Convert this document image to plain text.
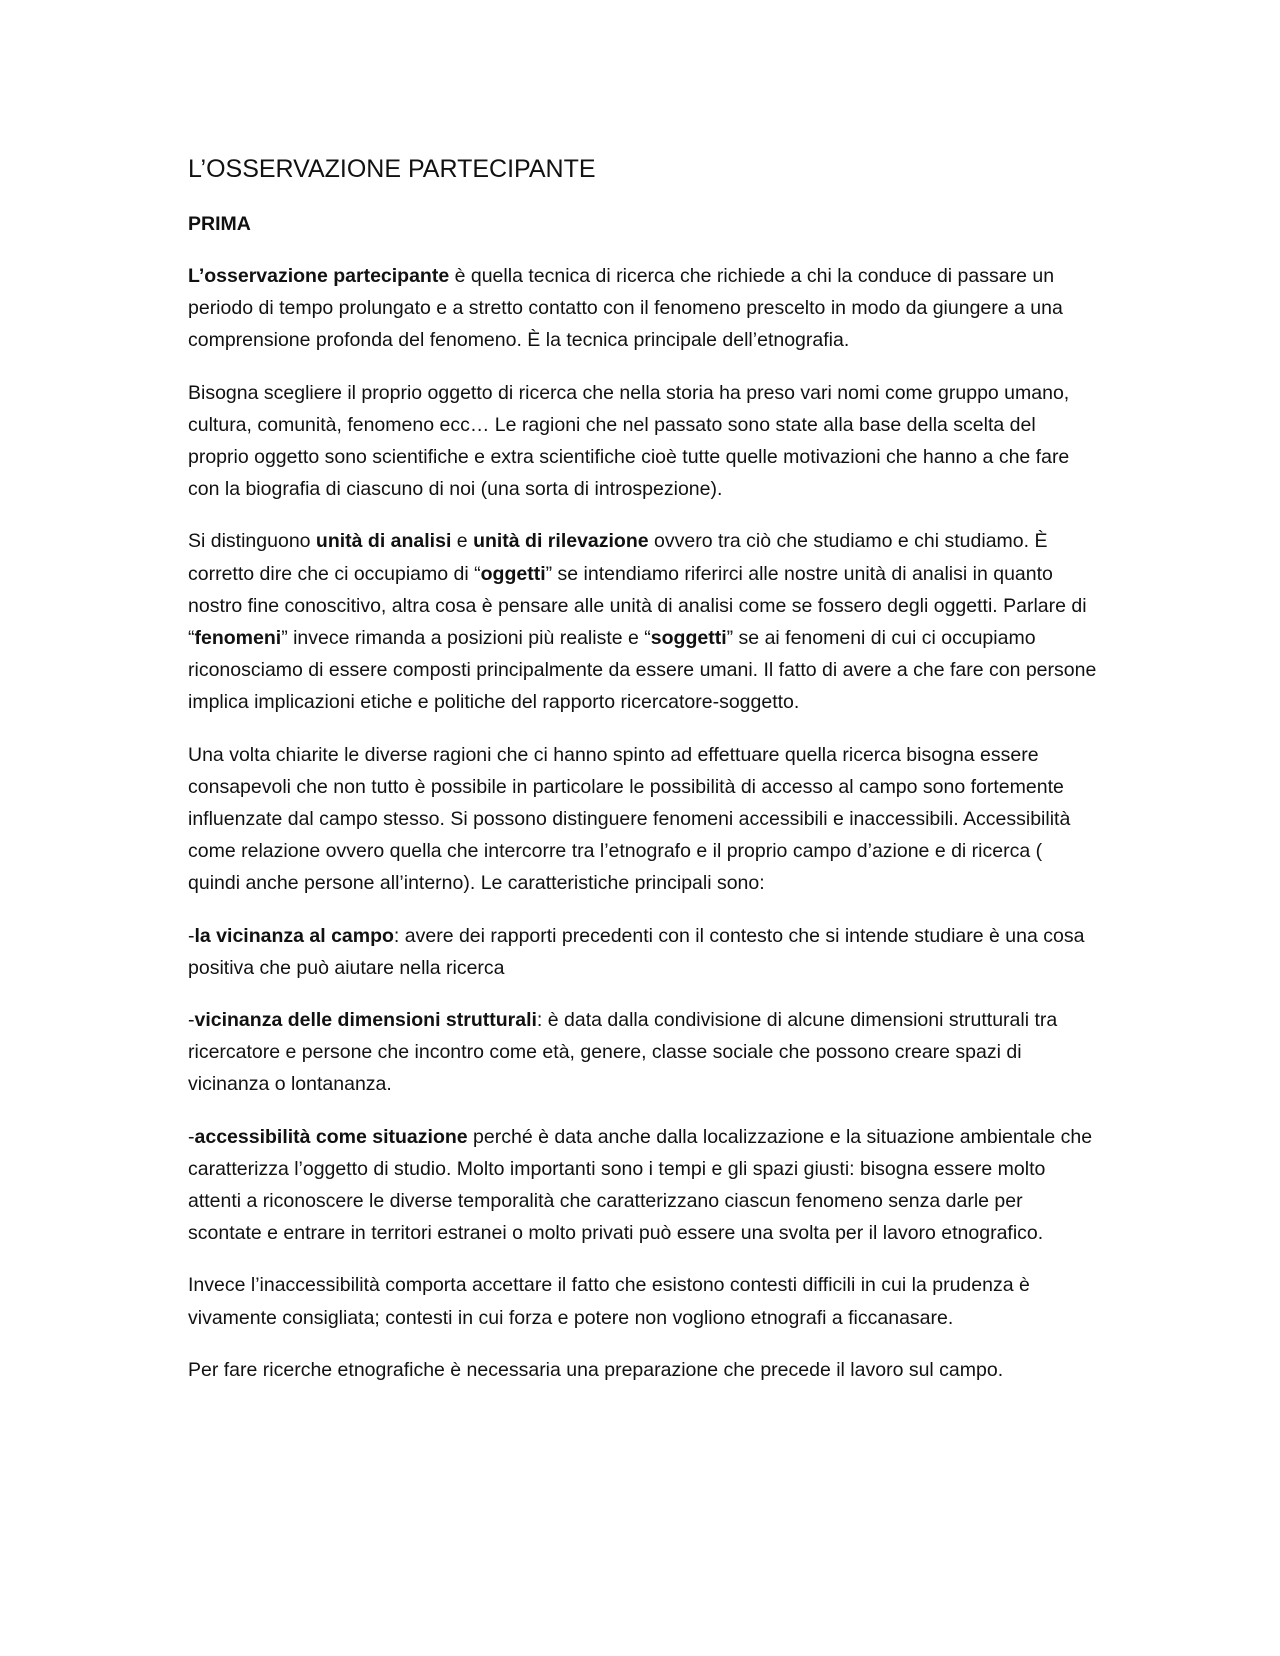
L’OSSERVAZIONE PARTECIPANTE
PRIMA

L’osservazione partecipante è quella tecnica di ricerca che richiede a chi la conduce di passare un periodo di tempo prolungato e a stretto contatto con il fenomeno prescelto in modo da giungere a una comprensione profonda del fenomeno. È la tecnica principale dell’etnografia.

Bisogna scegliere il proprio oggetto di ricerca che nella storia ha preso vari nomi come gruppo umano, cultura, comunità, fenomeno ecc… Le ragioni che nel passato sono state alla base della scelta del proprio oggetto sono scientifiche e extra scientifiche cioè tutte quelle motivazioni che hanno a che fare con la biografia di ciascuno di noi (una sorta di introspezione).

Si distinguono unità di analisi e unità di rilevazione ovvero tra ciò che studiamo e chi studiamo. È corretto dire che ci occupiamo di “oggetti” se intendiamo riferirci alle nostre unità di analisi in quanto nostro fine conoscitivo, altra cosa è pensare alle unità di analisi come se fossero degli oggetti. Parlare di “fenomeni” invece rimanda a posizioni più realiste e “soggetti” se ai fenomeni di cui ci occupiamo riconosciamo di essere composti principalmente da essere umani. Il fatto di avere a che fare con persone implica implicazioni etiche e politiche del rapporto ricercatore-soggetto.

Una volta chiarite le diverse ragioni che ci hanno spinto ad effettuare quella ricerca bisogna essere consapevoli che non tutto è possibile in particolare le possibilità di accesso al campo sono fortemente influenzate dal campo stesso. Si possono distinguere fenomeni accessibili e inaccessibili. Accessibilità come relazione ovvero quella che intercorre tra l’etnografo e il proprio campo d’azione e di ricerca ( quindi anche persone all’interno). Le caratteristiche principali sono:

-la vicinanza al campo: avere dei rapporti precedenti con il contesto che si intende studiare è una cosa positiva che può aiutare nella ricerca

-vicinanza delle dimensioni strutturali: è data dalla condivisione di alcune dimensioni strutturali tra ricercatore e persone che incontro come età, genere, classe sociale che possono creare spazi di vicinanza o lontananza.

-accessibilità come situazione perché è data anche dalla localizzazione e la situazione ambientale che caratterizza l’oggetto di studio. Molto importanti sono i tempi e gli spazi giusti: bisogna essere molto attenti a riconoscere le diverse temporalità che caratterizzano ciascun fenomeno senza darle per scontate e entrare in territori estranei o molto privati può essere una svolta per il lavoro etnografico.

Invece l’inaccessibilità comporta accettare il fatto che esistono contesti difficili in cui la prudenza è vivamente consigliata; contesti in cui forza e potere non vogliono etnografi a ficcanasare.

Per fare ricerche etnografiche è necessaria una preparazione che precede il lavoro sul campo.
